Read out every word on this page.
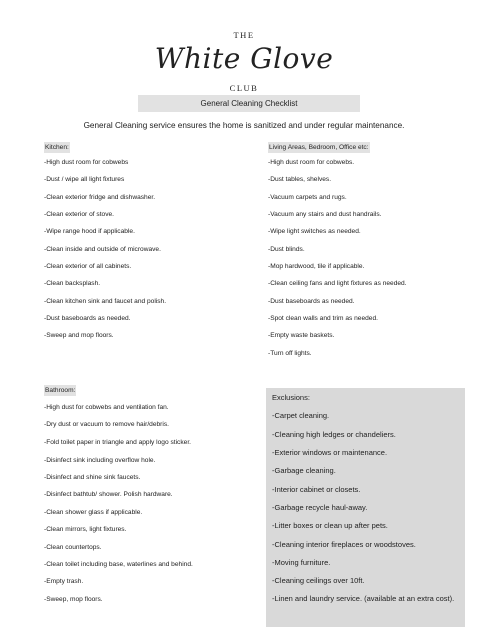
THE
White Glove
CLUB
General Cleaning Checklist
General Cleaning service ensures the home is sanitized and under regular maintenance.
Kitchen:
-High dust room for cobwebs
-Dust / wipe all light fixtures
-Clean exterior fridge and dishwasher.
-Clean exterior of stove.
-Wipe range hood if applicable.
-Clean inside and outside of microwave.
-Clean exterior of all cabinets.
-Clean backsplash.
-Clean kitchen sink and faucet and polish.
-Dust baseboards as needed.
-Sweep and mop floors.
Living Areas, Bedroom, Office etc:
-High dust room for cobwebs.
-Dust tables, shelves.
-Vacuum carpets and rugs.
-Vacuum any stairs and dust handrails.
-Wipe light switches as needed.
-Dust blinds.
-Mop hardwood, tile if applicable.
-Clean ceiling fans and light fixtures as needed.
-Dust baseboards as needed.
-Spot clean walls and trim as needed.
-Empty waste baskets.
-Turn off lights.
Bathroom:
-High dust for cobwebs and ventilation fan.
-Dry dust or vacuum to remove hair/debris.
-Fold toilet paper in triangle and apply logo sticker.
-Disinfect sink including overflow hole.
-Disinfect and shine sink faucets.
-Disinfect bathtub/ shower. Polish hardware.
-Clean shower glass if applicable.
-Clean mirrors, light fixtures.
-Clean countertops.
-Clean toilet including base, waterlines and behind.
-Empty trash.
-Sweep, mop floors.
Exclusions:
-Carpet cleaning.
-Cleaning high ledges or chandeliers.
-Exterior windows or maintenance.
-Garbage cleaning.
-Interior cabinet or closets.
-Garbage recycle haul-away.
-Litter boxes or clean up after pets.
-Cleaning interior fireplaces or woodstoves.
-Moving furniture.
-Cleaning ceilings over 10ft.
-Linen and laundry service. (available at an extra cost).
